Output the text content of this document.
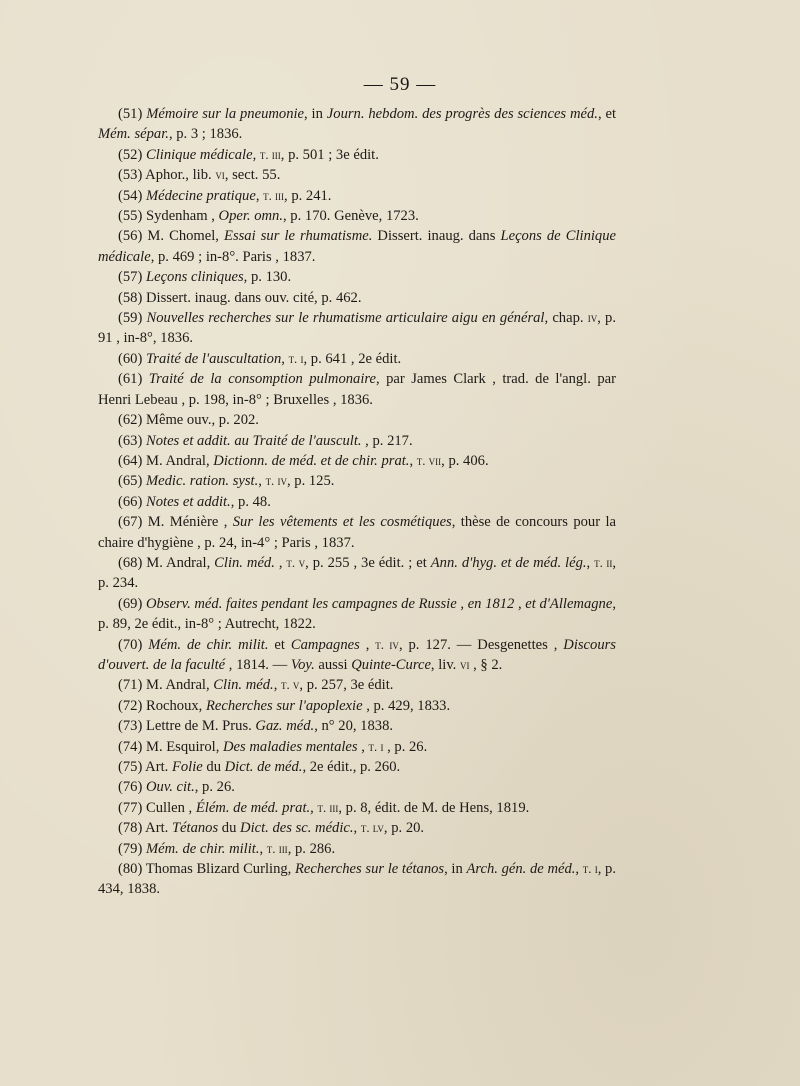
— 59 —
(51) Mémoire sur la pneumonie, in Journ. hebdom. des progrès des sciences méd., et Mém. sépar., p. 3 ; 1836.
(52) Clinique médicale, t. iii, p. 501 ; 3e édit.
(53) Aphor., lib. vi, sect. 55.
(54) Médecine pratique, t. iii, p. 241.
(55) Sydenham , Oper. omn., p. 170. Genève, 1723.
(56) M. Chomel, Essai sur le rhumatisme. Dissert. inaug. dans Leçons de Clinique médicale, p. 469 ; in-8°. Paris , 1837.
(57) Leçons cliniques, p. 130.
(58) Dissert. inaug. dans ouv. cité, p. 462.
(59) Nouvelles recherches sur le rhumatisme articulaire aigu en général, chap. iv, p. 91 , in-8°, 1836.
(60) Traité de l'auscultation, t. i, p. 641 , 2e édit.
(61) Traité de la consomption pulmonaire, par James Clark , trad. de l'angl. par Henri Lebeau , p. 198, in-8° ; Bruxelles , 1836.
(62) Même ouv., p. 202.
(63) Notes et addit. au Traité de l'auscult. , p. 217.
(64) M. Andral, Dictionn. de méd. et de chir. prat., t. vii, p. 406.
(65) Medic. ration. syst., t. iv, p. 125.
(66) Notes et addit., p. 48.
(67) M. Ménière , Sur les vêtements et les cosmétiques, thèse de concours pour la chaire d'hygiène , p. 24, in-4° ; Paris , 1837.
(68) M. Andral, Clin. méd. , t. v, p. 255 , 3e édit. ; et Ann. d'hyg. et de méd. lég., t. ii, p. 234.
(69) Observ. méd. faites pendant les campagnes de Russie , en 1812 , et d'Allemagne, p. 89, 2e édit., in-8° ; Autrecht, 1822.
(70) Mém. de chir. milit. et Campagnes , t. iv, p. 127. — Desgenettes , Discours d'ouvert. de la faculté , 1814. — Voy. aussi Quinte-Curce, liv. vi , § 2.
(71) M. Andral, Clin. méd., t. v, p. 257, 3e édit.
(72) Rochoux, Recherches sur l'apoplexie , p. 429, 1833.
(73) Lettre de M. Prus. Gaz. méd., n° 20, 1838.
(74) M. Esquirol, Des maladies mentales , t. i , p. 26.
(75) Art. Folie du Dict. de méd., 2e édit., p. 260.
(76) Ouv. cit., p. 26.
(77) Cullen , Élém. de méd. prat., t. iii, p. 8, édit. de M. de Hens, 1819.
(78) Art. Tétanos du Dict. des sc. médic., t. lv, p. 20.
(79) Mém. de chir. milit., t. iii, p. 286.
(80) Thomas Blizard Curling, Recherches sur le tétanos, in Arch. gén. de méd., t. i, p. 434, 1838.
